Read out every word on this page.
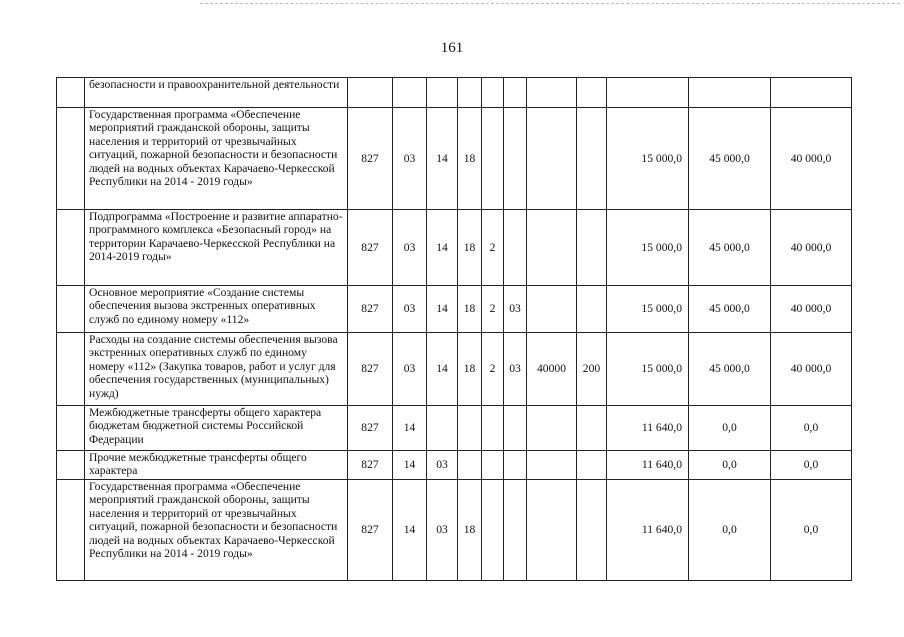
161
	безопасности и правоохранительной деятельности											
	Государственная программа «Обеспечение мероприятий гражданской обороны, защиты населения и территорий от чрезвычайных ситуаций, пожарной безопасности и безопасности людей на водных объектах Карачаево-Черкесской Республики на 2014 - 2019 годы»	827	03	14	18					15 000,0	45 000,0	40 000,0
	Подпрограмма «Построение и развитие аппаратно-программного комплекса «Безопасный город» на территории Карачаево-Черкесской Республики на 2014-2019 годы»	827	03	14	18	2				15 000,0	45 000,0	40 000,0
	Основное мероприятие «Создание системы обеспечения вызова экстренных оперативных служб по единому номеру «112»	827	03	14	18	2	03			15 000,0	45 000,0	40 000,0
	Расходы на создание системы обеспечения вызова экстренных оперативных служб по единому номеру «112» (Закупка товаров, работ и услуг для обеспечения государственных (муниципальных) нужд)	827	03	14	18	2	03	40000	200	15 000,0	45 000,0	40 000,0
	Межбюджетные трансферты общего характера бюджетам бюджетной системы Российской Федерации	827	14							11 640,0	0,0	0,0
	Прочие межбюджетные трансферты общего характера	827	14	03						11 640,0	0,0	0,0
	Государственная программа «Обеспечение мероприятий гражданской обороны, защиты населения и территорий от чрезвычайных ситуаций, пожарной безопасности и безопасности людей на водных объектах Карачаево-Черкесской Республики на 2014 - 2019 годы»	827	14	03	18					11 640,0	0,0	0,0
